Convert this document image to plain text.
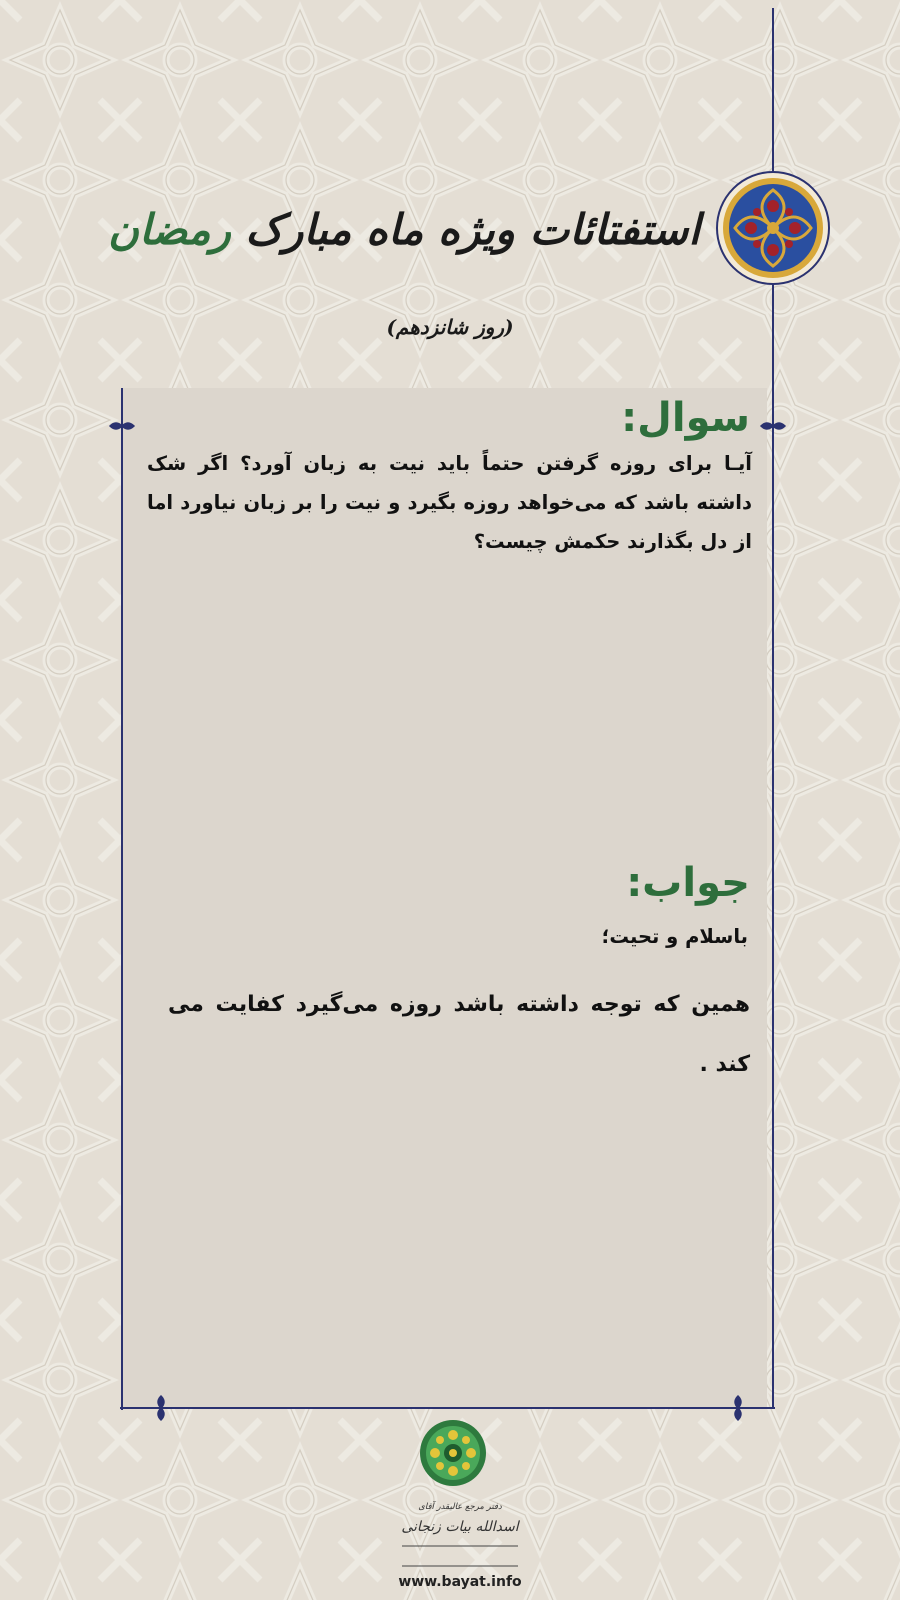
استفتائات ویژه ماه مبارک رمضان
(روز شانزدهم)
سوال:
آیـا برای روزه گرفتن حتماً باید نیت به زبان آورد؟ اگر شک داشته باشد که می‌خواهد روزه بگیرد و نیت را بر زبان نیاورد اما از دل بگذارند حکمش چیست؟
جواب:
باسلام و تحیت؛
همین که توجه داشته باشد روزه می‌گیرد کفایت می کند .
دفتر مرجع عالیقدر آقای
اسدالله بیات زنجانی
www.bayat.info
